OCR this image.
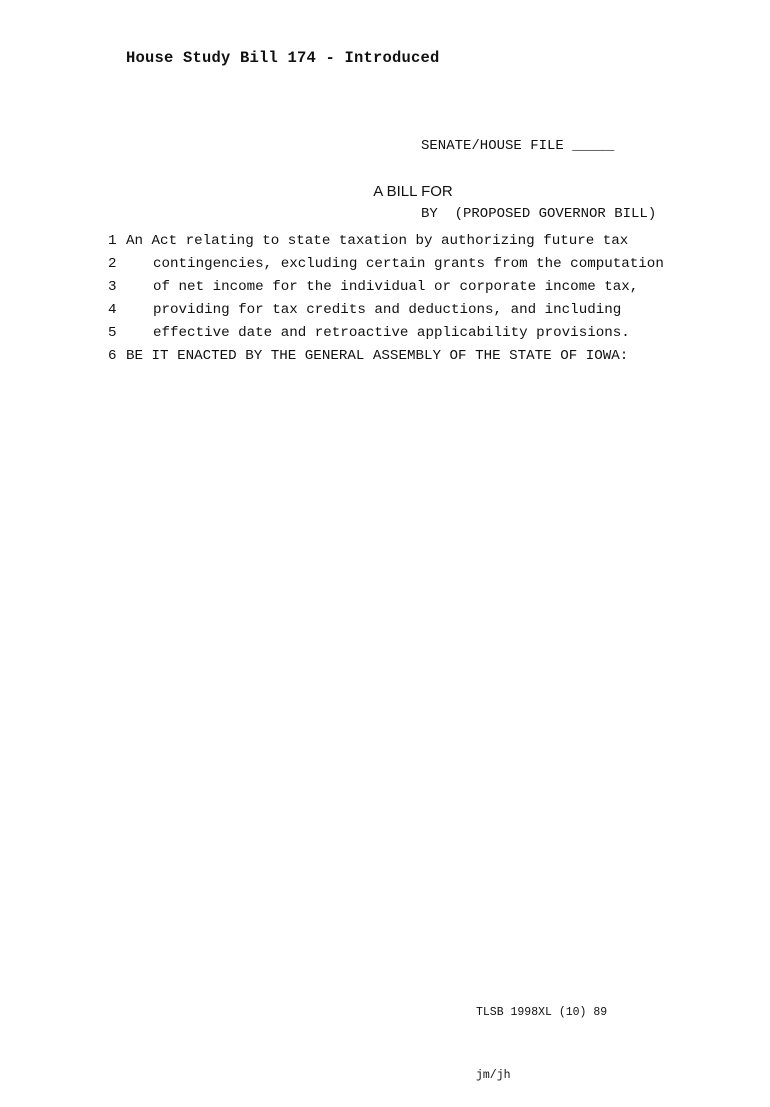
House Study Bill 174 - Introduced

SENATE/HOUSE FILE _____

BY  (PROPOSED GOVERNOR BILL)

A BILL FOR
1 An Act relating to state taxation by authorizing future tax
2	contingencies, excluding certain grants from the computation
3	of net income for the individual or corporate income tax,
4	providing for tax credits and deductions, and including
5	effective date and retroactive applicability provisions.
6 BE IT ENACTED BY THE GENERAL ASSEMBLY OF THE STATE OF IOWA:

TLSB 1998XL (10) 89

jm/jh
